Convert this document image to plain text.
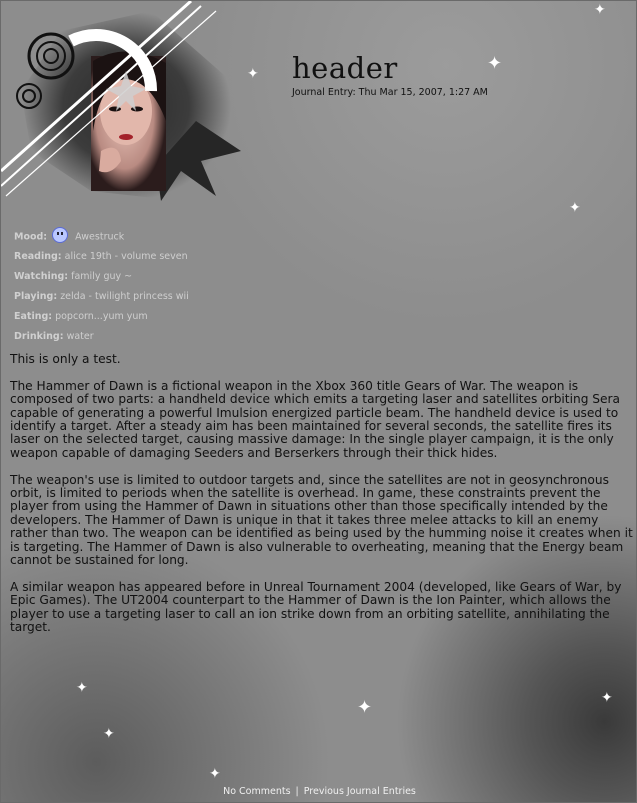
✦
✦
✦
✦
✦
✦
✦	✦
✦
header
Journal Entry: Thu Mar 15, 2007, 1:27 AM
Mood:	Awestruck
Reading: alice 19th - volume seven
Watching: family guy ~
Playing: zelda - twilight princess wii
Eating: popcorn...yum yum
Drinking: water

This is only a test.

The Hammer of Dawn is a fictional weapon in the Xbox 360 title Gears of War. The weapon is composed of two parts: a handheld device which emits a targeting laser and satellites orbiting Sera capable of generating a powerful Imulsion energized particle beam. The handheld device is used to identify a target. After a steady aim has been maintained for several seconds, the satellite fires its laser on the selected target, causing massive damage: In the single player campaign, it is the only weapon capable of damaging Seeders and Berserkers through their thick hides.

The weapon's use is limited to outdoor targets and, since the satellites are not in geosynchronous orbit, is limited to periods when the satellite is overhead. In game, these constraints prevent the player from using the Hammer of Dawn in situations other than those specifically intended by the developers. The Hammer of Dawn is unique in that it takes three melee attacks to kill an enemy rather than two. The weapon can be identified as being used by the humming noise it creates when it is targeting. The Hammer of Dawn is also vulnerable to overheating, meaning that the Energy beam cannot be sustained for long.

A similar weapon has appeared before in Unreal Tournament 2004 (developed, like Gears of War, by Epic Games). The UT2004 counterpart to the Hammer of Dawn is the Ion Painter, which allows the player to use a targeting laser to call an ion strike down from an orbiting satellite, annihilating the target.

No Comments | Previous Journal Entries
